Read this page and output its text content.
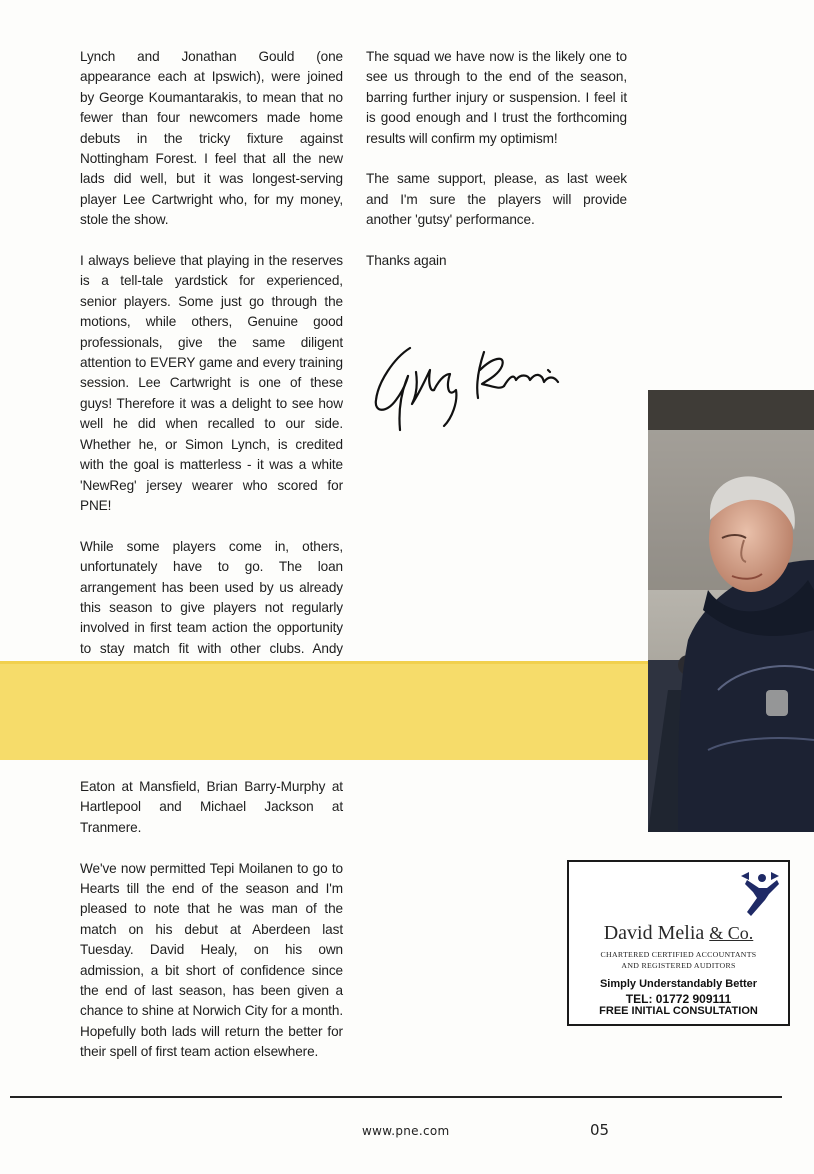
Lynch and Jonathan Gould (one appearance each at Ipswich), were joined by George Koumantarakis, to mean that no fewer than four newcomers made home debuts in the tricky fixture against Nottingham Forest. I feel that all the new lads did well, but it was longest-serving player Lee Cartwright who, for my money, stole the show.

I always believe that playing in the reserves is a tell-tale yardstick for experienced, senior players. Some just go through the motions, while others, Genuine good professionals, give the same diligent attention to EVERY game and every training session. Lee Cartwright is one of these guys! Therefore it was a delight to see how well he did when recalled to our side. Whether he, or Simon Lynch, is credited with the goal is matterless - it was a white 'NewReg' jersey wearer who scored for PNE!

While some players come in, others, unfortunately have to go. The loan arrangement has been used by us already this season to give players not regularly involved in first team action the opportunity to stay match fit with other clubs. Andy

The squad we have now is the likely one to see us through to the end of the season, barring further injury or suspension. I feel it is good enough and I trust the forthcoming results will confirm my optimism!

The same support, please, as last week and I'm sure the players will provide another 'gutsy' performance.

Thanks again

Eaton at Mansfield, Brian Barry-Murphy at Hartlepool and Michael Jackson at Tranmere.

We've now permitted Tepi Moilanen to go to Hearts till the end of the season and I'm pleased to note that he was man of the match on his debut at Aberdeen last Tuesday. David Healy, on his own admission, a bit short of confidence since the end of last season, has been given a chance to shine at Norwich City for a month. Hopefully both lads will return the better for their spell of first team action elsewhere.

David Melia & Co.
CHARTERED CERTIFIED ACCOUNTANTS
AND REGISTERED AUDITORS
Simply Understandably Better
TEL: 01772 909111
FREE INITIAL CONSULTATION
www.pne.com	05
